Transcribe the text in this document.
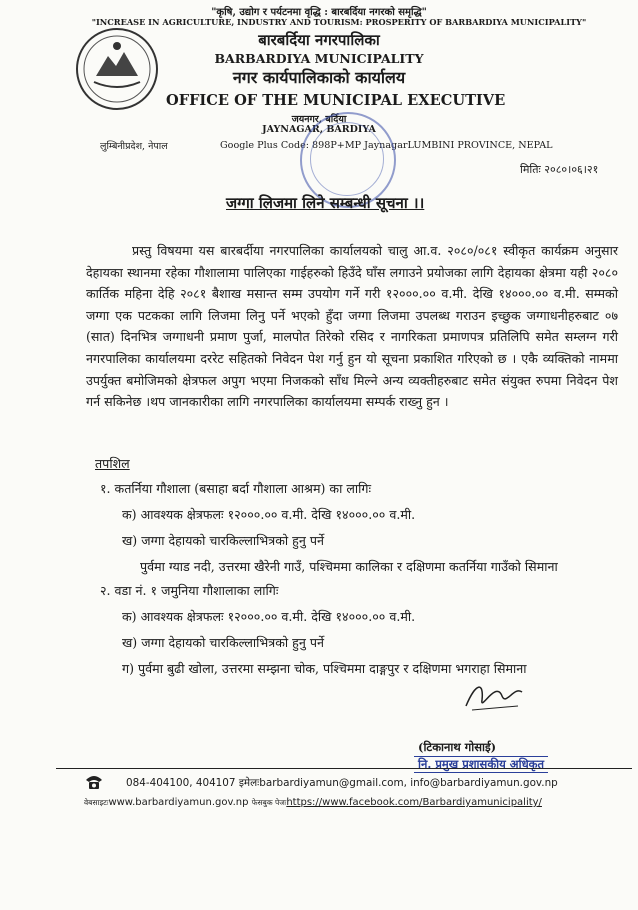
"कृषि, उद्योग र पर्यटनमा वृद्धि : बारबर्दिया नगरको समृद्धि"
"INCREASE IN AGRICULTURE, INDUSTRY AND TOURISM: PROSPERITY OF BARBARDIYA MUNICIPALITY"
बारबर्दिया नगरपालिका
BARBARDIYA MUNICIPALITY
नगर कार्यपालिकाको कार्यालय
OFFICE OF THE MUNICIPAL EXECUTIVE
जयनगर, बर्दिया
JAYNAGAR, BARDIYA
लुम्बिनीप्रदेश, नेपाल	Google Plus Code: 898P+MP JaynagarLUMBINI PROVINCE, NEPAL
मितिः २०८०।०६।२१
जग्गा लिजमा लिने सम्बन्धी सूचना ।।
प्रस्तु विषयमा यस बारबर्दीया नगरपालिका कार्यालयको चालु आ.व. २०८०/०८१ स्वीकृत कार्यक्रम अनुसार देहायका स्थानमा रहेका गौशालामा पालिएका गाईहरुको हिउँदे घाँस लगाउने प्रयोजका लागि देहायका क्षेत्रमा यही २०८० कार्तिक महिना देहि २०८१ बैशाख मसान्त सम्म उपयोग गर्ने गरी १२०००.०० व.मी. देखि १४०००.०० व.मी. सम्मको जग्गा एक पटकका लागि लिजमा लिनु पर्ने भएको हुँदा जग्गा लिजमा उपलब्ध गराउन इच्छुक जग्गाधनीहरुबाट ०७ (सात) दिनभित्र जग्गाधनी प्रमाण पुर्जा, मालपोत तिरेको रसिद र नागरिकता प्रमाणपत्र प्रतिलिपि समेत सम्लग्न गरी नगरपालिका कार्यालयमा दररेट सहितको निवेदन पेश गर्नु हुन यो सूचना प्रकाशित गरिएको छ । एकै व्यक्तिको नाममा उपर्युक्त बमोजिमको क्षेत्रफल अपुग भएमा निजकको साँध मिल्ने अन्य व्यक्तीहरुबाट समेत संयुक्त रुपमा निवेदन पेश गर्न सकिनेछ ।थप जानकारीका लागि नगरपालिका कार्यालयमा सम्पर्क राख्नु हुन ।
तपशिल
१. कतर्निया गौशाला (बसाहा बर्दा गौशाला आश्रम) का लागिः
क) आवश्यक क्षेत्रफलः १२०००.०० व.मी. देखि १४०००.०० व.मी.
ख) जग्गा देहायको चारकिल्लाभित्रको हुनु पर्ने
पुर्वमा ग्याड नदी, उत्तरमा खैरेनी गाउँ, पश्चिममा कालिका र दक्षिणमा कतर्निया गाउँको सिमाना
२. वडा नं. १ जमुनिया गौशालाका लागिः
क) आवश्यक क्षेत्रफलः १२०००.०० व.मी. देखि १४०००.०० व.मी.
ख) जग्गा देहायको चारकिल्लाभित्रको हुनु पर्ने
ग) पुर्वमा बुढी खोला, उत्तरमा सम्झना चोक, पश्चिममा दाङ्गपुर र दक्षिणमा भगराहा सिमाना
(टिकानाथ गोसाई)
नि. प्रमुख प्रशासकीय अधिकृत
084-404100, 404107 इमेलःbarbardiyamun@gmail.com, info@barbardiyamun.gov.np
वेबसाइटःwww.barbardiyamun.gov.np फेसबुक पेजःhttps://www.facebook.com/Barbardiyamunicipality/
